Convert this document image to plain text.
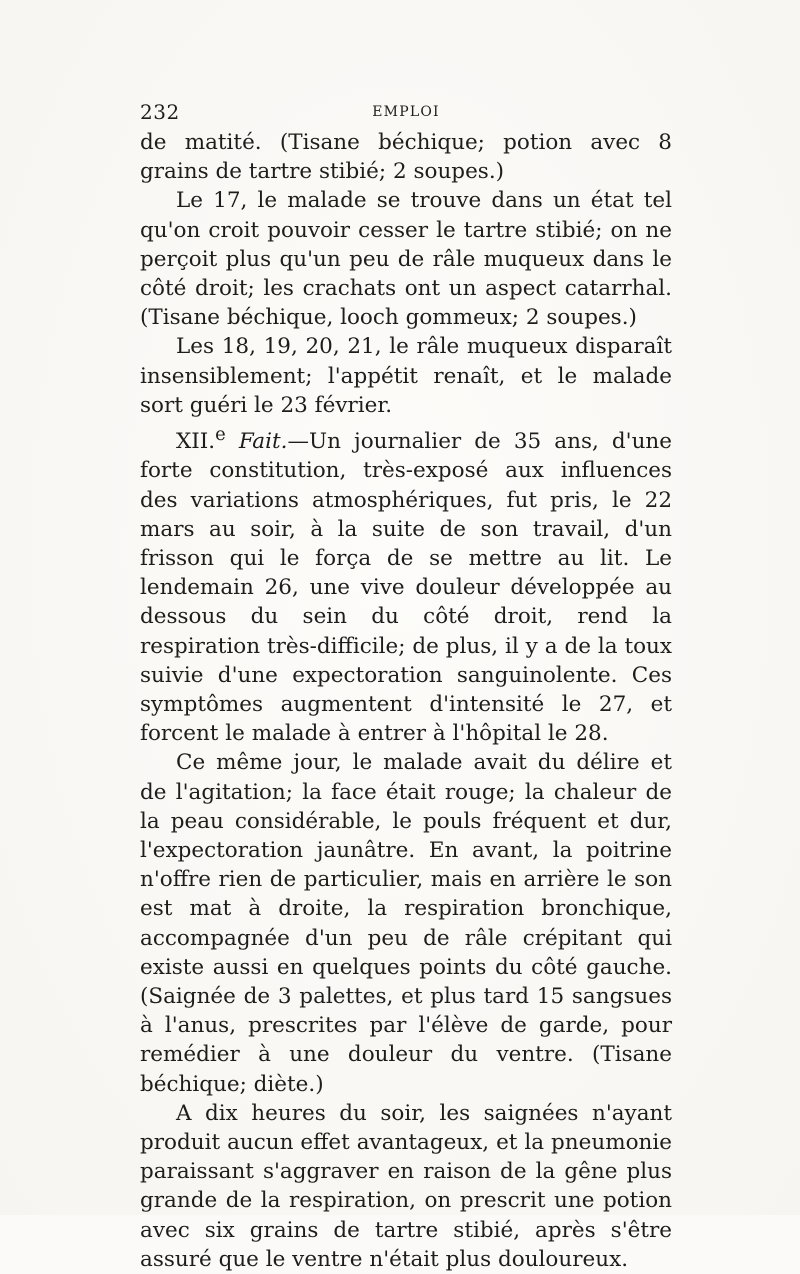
232	EMPLOI

de matité. (Tisane béchique; potion avec 8 grains de tartre stibié; 2 soupes.)

Le 17, le malade se trouve dans un état tel qu'on croit pouvoir cesser le tartre stibié; on ne perçoit plus qu'un peu de râle muqueux dans le côté droit; les crachats ont un aspect catarrhal. (Tisane béchique, looch gommeux; 2 soupes.)

Les 18, 19, 20, 21, le râle muqueux disparaît insensiblement; l'appétit renaît, et le malade sort guéri le 23 février.

XII.$^e$ Fait.—Un journalier de 35 ans, d'une forte constitution, très-exposé aux influences des variations atmosphériques, fut pris, le 22 mars au soir, à la suite de son travail, d'un frisson qui le força de se mettre au lit. Le lendemain 26, une vive douleur développée au dessous du sein du côté droit, rend la respiration très-difficile; de plus, il y a de la toux suivie d'une expectoration sanguinolente. Ces symptômes augmentent d'intensité le 27, et forcent le malade à entrer à l'hôpital le 28.

Ce même jour, le malade avait du délire et de l'agitation; la face était rouge; la chaleur de la peau considérable, le pouls fréquent et dur, l'expectoration jaunâtre. En avant, la poitrine n'offre rien de particulier, mais en arrière le son est mat à droite, la respiration bronchique, accompagnée d'un peu de râle crépitant qui existe aussi en quelques points du côté gauche. (Saignée de 3 palettes, et plus tard 15 sangsues à l'anus, prescrites par l'élève de garde, pour remédier à une douleur du ventre. (Tisane béchique; diète.)

A dix heures du soir, les saignées n'ayant produit aucun effet avantageux, et la pneumonie paraissant s'aggraver en raison de la gêne plus grande de la respiration, on prescrit une potion avec six grains de tartre stibié, après s'être assuré que le ventre n'était plus douloureux.
